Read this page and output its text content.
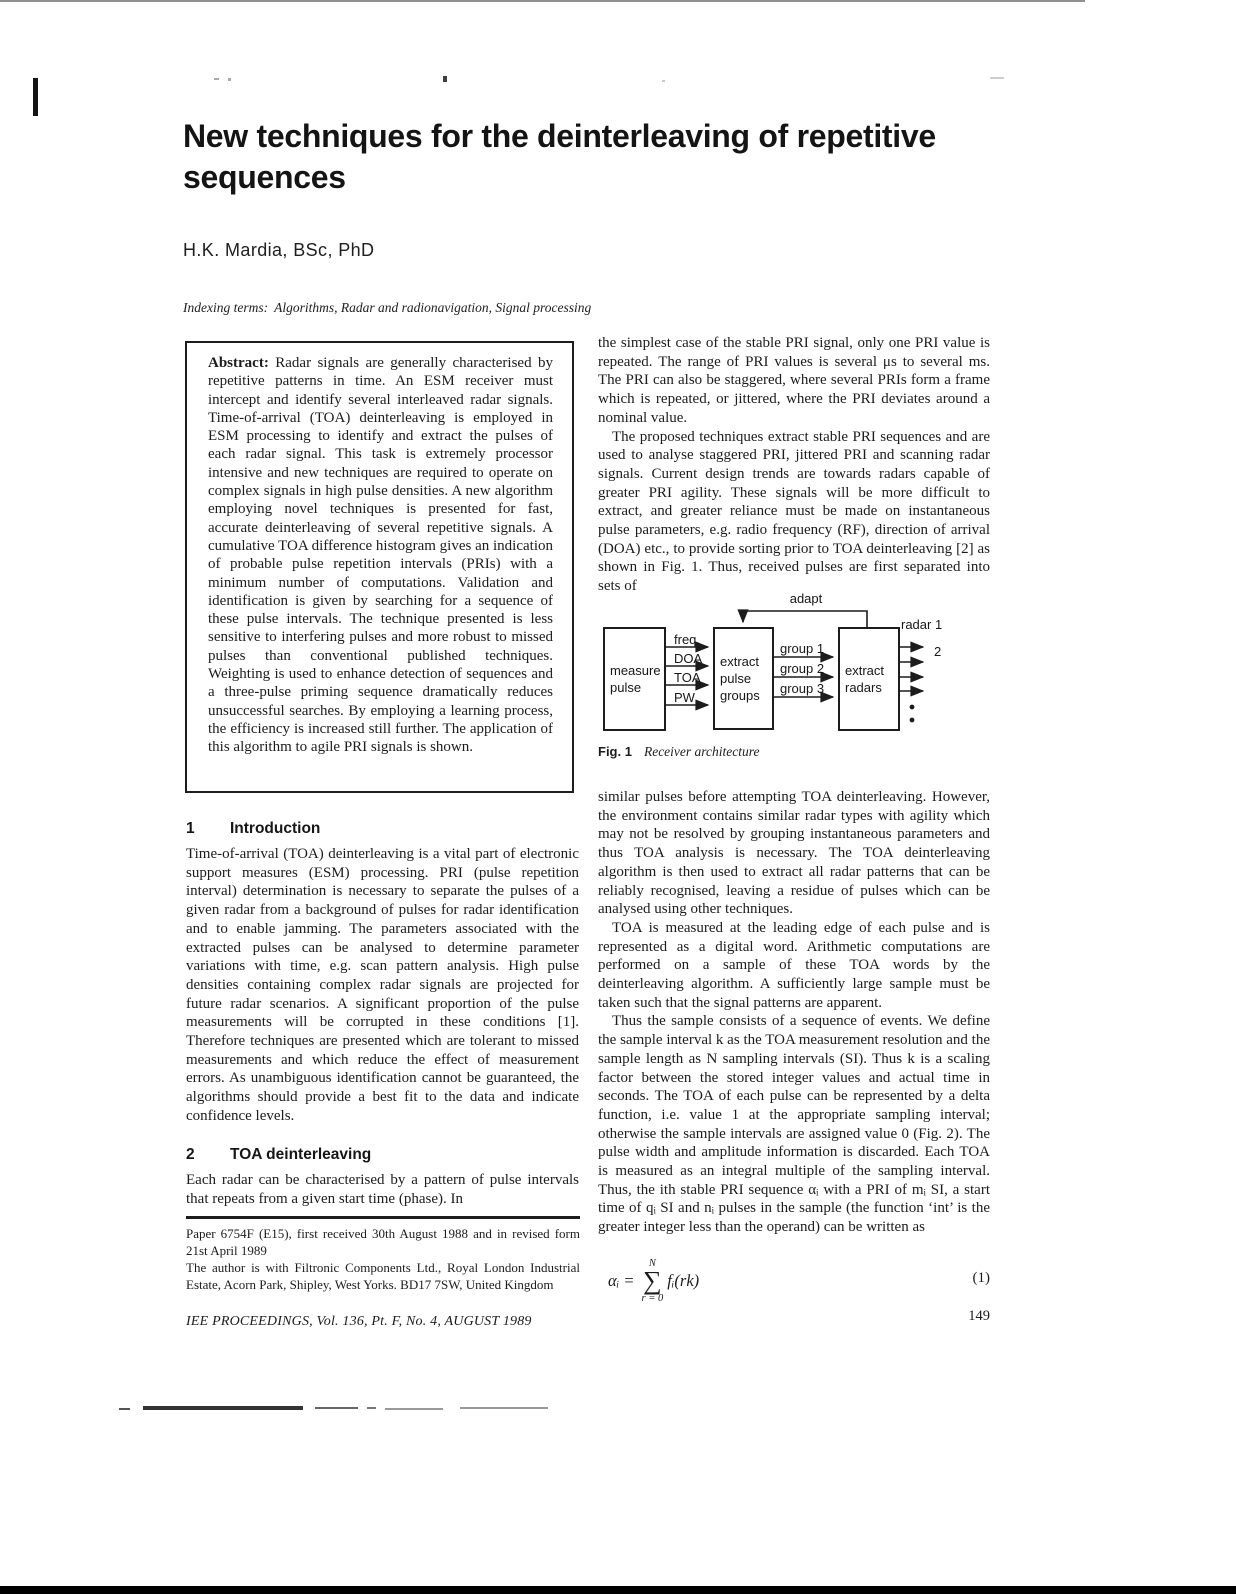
New techniques for the deinterleaving of repetitive sequences
H.K. Mardia, BSc, PhD
Indexing terms: Algorithms, Radar and radionavigation, Signal processing
Abstract: Radar signals are generally characterised by repetitive patterns in time. An ESM receiver must intercept and identify several interleaved radar signals. Time-of-arrival (TOA) deinterleaving is employed in ESM processing to identify and extract the pulses of each radar signal. This task is extremely processor intensive and new techniques are required to operate on complex signals in high pulse densities. A new algorithm employing novel techniques is presented for fast, accurate deinterleaving of several repetitive signals. A cumulative TOA difference histogram gives an indication of probable pulse repetition intervals (PRIs) with a minimum number of computations. Validation and identification is given by searching for a sequence of these pulse intervals. The technique presented is less sensitive to interfering pulses and more robust to missed pulses than conventional published techniques. Weighting is used to enhance detection of sequences and a three-pulse priming sequence dramatically reduces unsuccessful searches. By employing a learning process, the efficiency is increased still further. The application of this algorithm to agile PRI signals is shown.
1 Introduction

Time-of-arrival (TOA) deinterleaving is a vital part of electronic support measures (ESM) processing. PRI (pulse repetition interval) determination is necessary to separate the pulses of a given radar from a background of pulses for radar identification and to enable jamming. The parameters associated with the extracted pulses can be analysed to determine parameter variations with time, e.g. scan pattern analysis. High pulse densities containing complex radar signals are projected for future radar scenarios. A significant proportion of the pulse measurements will be corrupted in these conditions [1]. Therefore techniques are presented which are tolerant to missed measurements and which reduce the effect of measurement errors. As unambiguous identification cannot be guaranteed, the algorithms should provide a best fit to the data and indicate confidence levels.

2 TOA deinterleaving

Each radar can be characterised by a pattern of pulse intervals that repeats from a given start time (phase). In

Paper 6754F (E15), first received 30th August 1988 and in revised form 21st April 1989

The author is with Filtronic Components Ltd., Royal London Industrial Estate, Acorn Park, Shipley, West Yorks. BD17 7SW, United Kingdom

IEE PROCEEDINGS, Vol. 136, Pt. F, No. 4, AUGUST 1989

the simplest case of the stable PRI signal, only one PRI value is repeated. The range of PRI values is several μs to several ms. The PRI can also be staggered, where several PRIs form a frame which is repeated, or jittered, where the PRI deviates around a nominal value.

The proposed techniques extract stable PRI sequences and are used to analyse staggered PRI, jittered PRI and scanning radar signals. Current design trends are towards radars capable of greater PRI agility. These signals will be more difficult to extract, and greater reliance must be made on instantaneous pulse parameters, e.g. radio frequency (RF), direction of arrival (DOA) etc., to provide sorting prior to TOA deinterleaving [2] as shown in Fig. 1. Thus, received pulses are first separated into sets of

measure pulse
extract pulse groups
extract radars
adapt
freq.
DOA
TOA
PW
group 1
group 2
group 3
radar 1
2
Fig. 1 Receiver architecture

similar pulses before attempting TOA deinterleaving. However, the environment contains similar radar types with agility which may not be resolved by grouping instantaneous parameters and thus TOA analysis is necessary. The TOA deinterleaving algorithm is then used to extract all radar patterns that can be reliably recognised, leaving a residue of pulses which can be analysed using other techniques.

TOA is measured at the leading edge of each pulse and is represented as a digital word. Arithmetic computations are performed on a sample of these TOA words by the deinterleaving algorithm. A sufficiently large sample must be taken such that the signal patterns are apparent.

Thus the sample consists of a sequence of events. We define the sample interval k as the TOA measurement resolution and the sample length as N sampling intervals (SI). Thus k is a scaling factor between the stored integer values and actual time in seconds. The TOA of each pulse can be represented by a delta function, i.e. value 1 at the appropriate sampling interval; otherwise the sample intervals are assigned value 0 (Fig. 2). The pulse width and amplitude information is discarded. Each TOA is measured as an integral multiple of the sampling interval. Thus, the ith stable PRI sequence αᵢ with a PRI of mᵢ SI, a start time of qᵢ SI and nᵢ pulses in the sample (the function ‘int’ is the greater integer less than the operand) can be written as

αᵢ =
N
∑
r = 0
fᵢ(rk)	(1)
149
